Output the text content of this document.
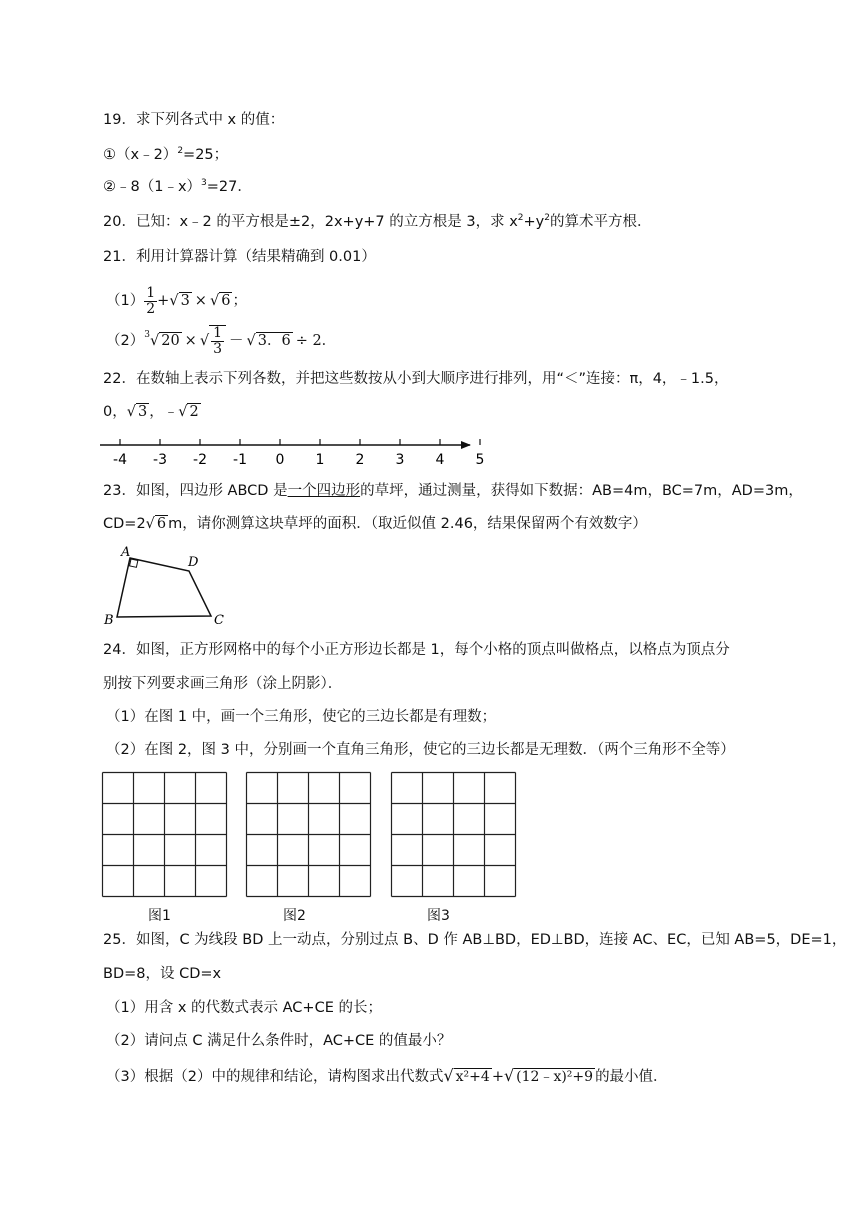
19．求下列各式中 x 的值：
①（x﹣2）$^2$=25；
②﹣8（1﹣x）$^3$=27．
20．已知：x﹣2 的平方根是±2，2x+y+7 的立方根是 3，求 $x^2+y^2$的算术平方根．
21．利用计算器计算（结果精确到 0.01）
$(1) \frac{1}{2}$ + √ 3 × √ 6 ；
（2） $^3$√ 20 × √ $\frac{1}{3}$ － √ 3．6 ÷ 2．
22．在数轴上表示下列各数，并把这些数按从小到大顺序进行排列，用“＜”连接：π，4，﹣1.5，
0，√ 3 ，﹣√ 2
-4 -3 -2 -1 0 1 2 3 4 5
23．如图，四边形 ABCD 是一个四边形的草坪，通过测量，获得如下数据：AB=4m，BC=7m，AD=3m，
CD=2√ 6 m，请你测算这块草坪的面积．（取近似值 2.46，结果保留两个有效数字）
A
D
B	C
24．如图，正方形网格中的每个小正方形边长都是 1，每个小格的顶点叫做格点，以格点为顶点分
别按下列要求画三角形（涂上阴影）．
（1）在图 1 中，画一个三角形，使它的三边长都是有理数；
（2）在图 2，图 3 中，分别画一个直角三角形，使它的三边长都是无理数．（两个三角形不全等）
图1	图2	图3
25．如图，C 为线段 BD 上一动点，分别过点 B、D 作 AB⊥BD，ED⊥BD，连接 AC、EC，已知 AB=5，DE=1，
BD=8，设 CD=x
（1）用含 x 的代数式表示 AC+CE 的长；
（2）请问点 C 满足什么条件时，AC+CE 的值最小？
（3）根据（2）中的规律和结论，请构图求出代数式 √ x²+4 + √ (12﹣x)²+9 的最小值．
